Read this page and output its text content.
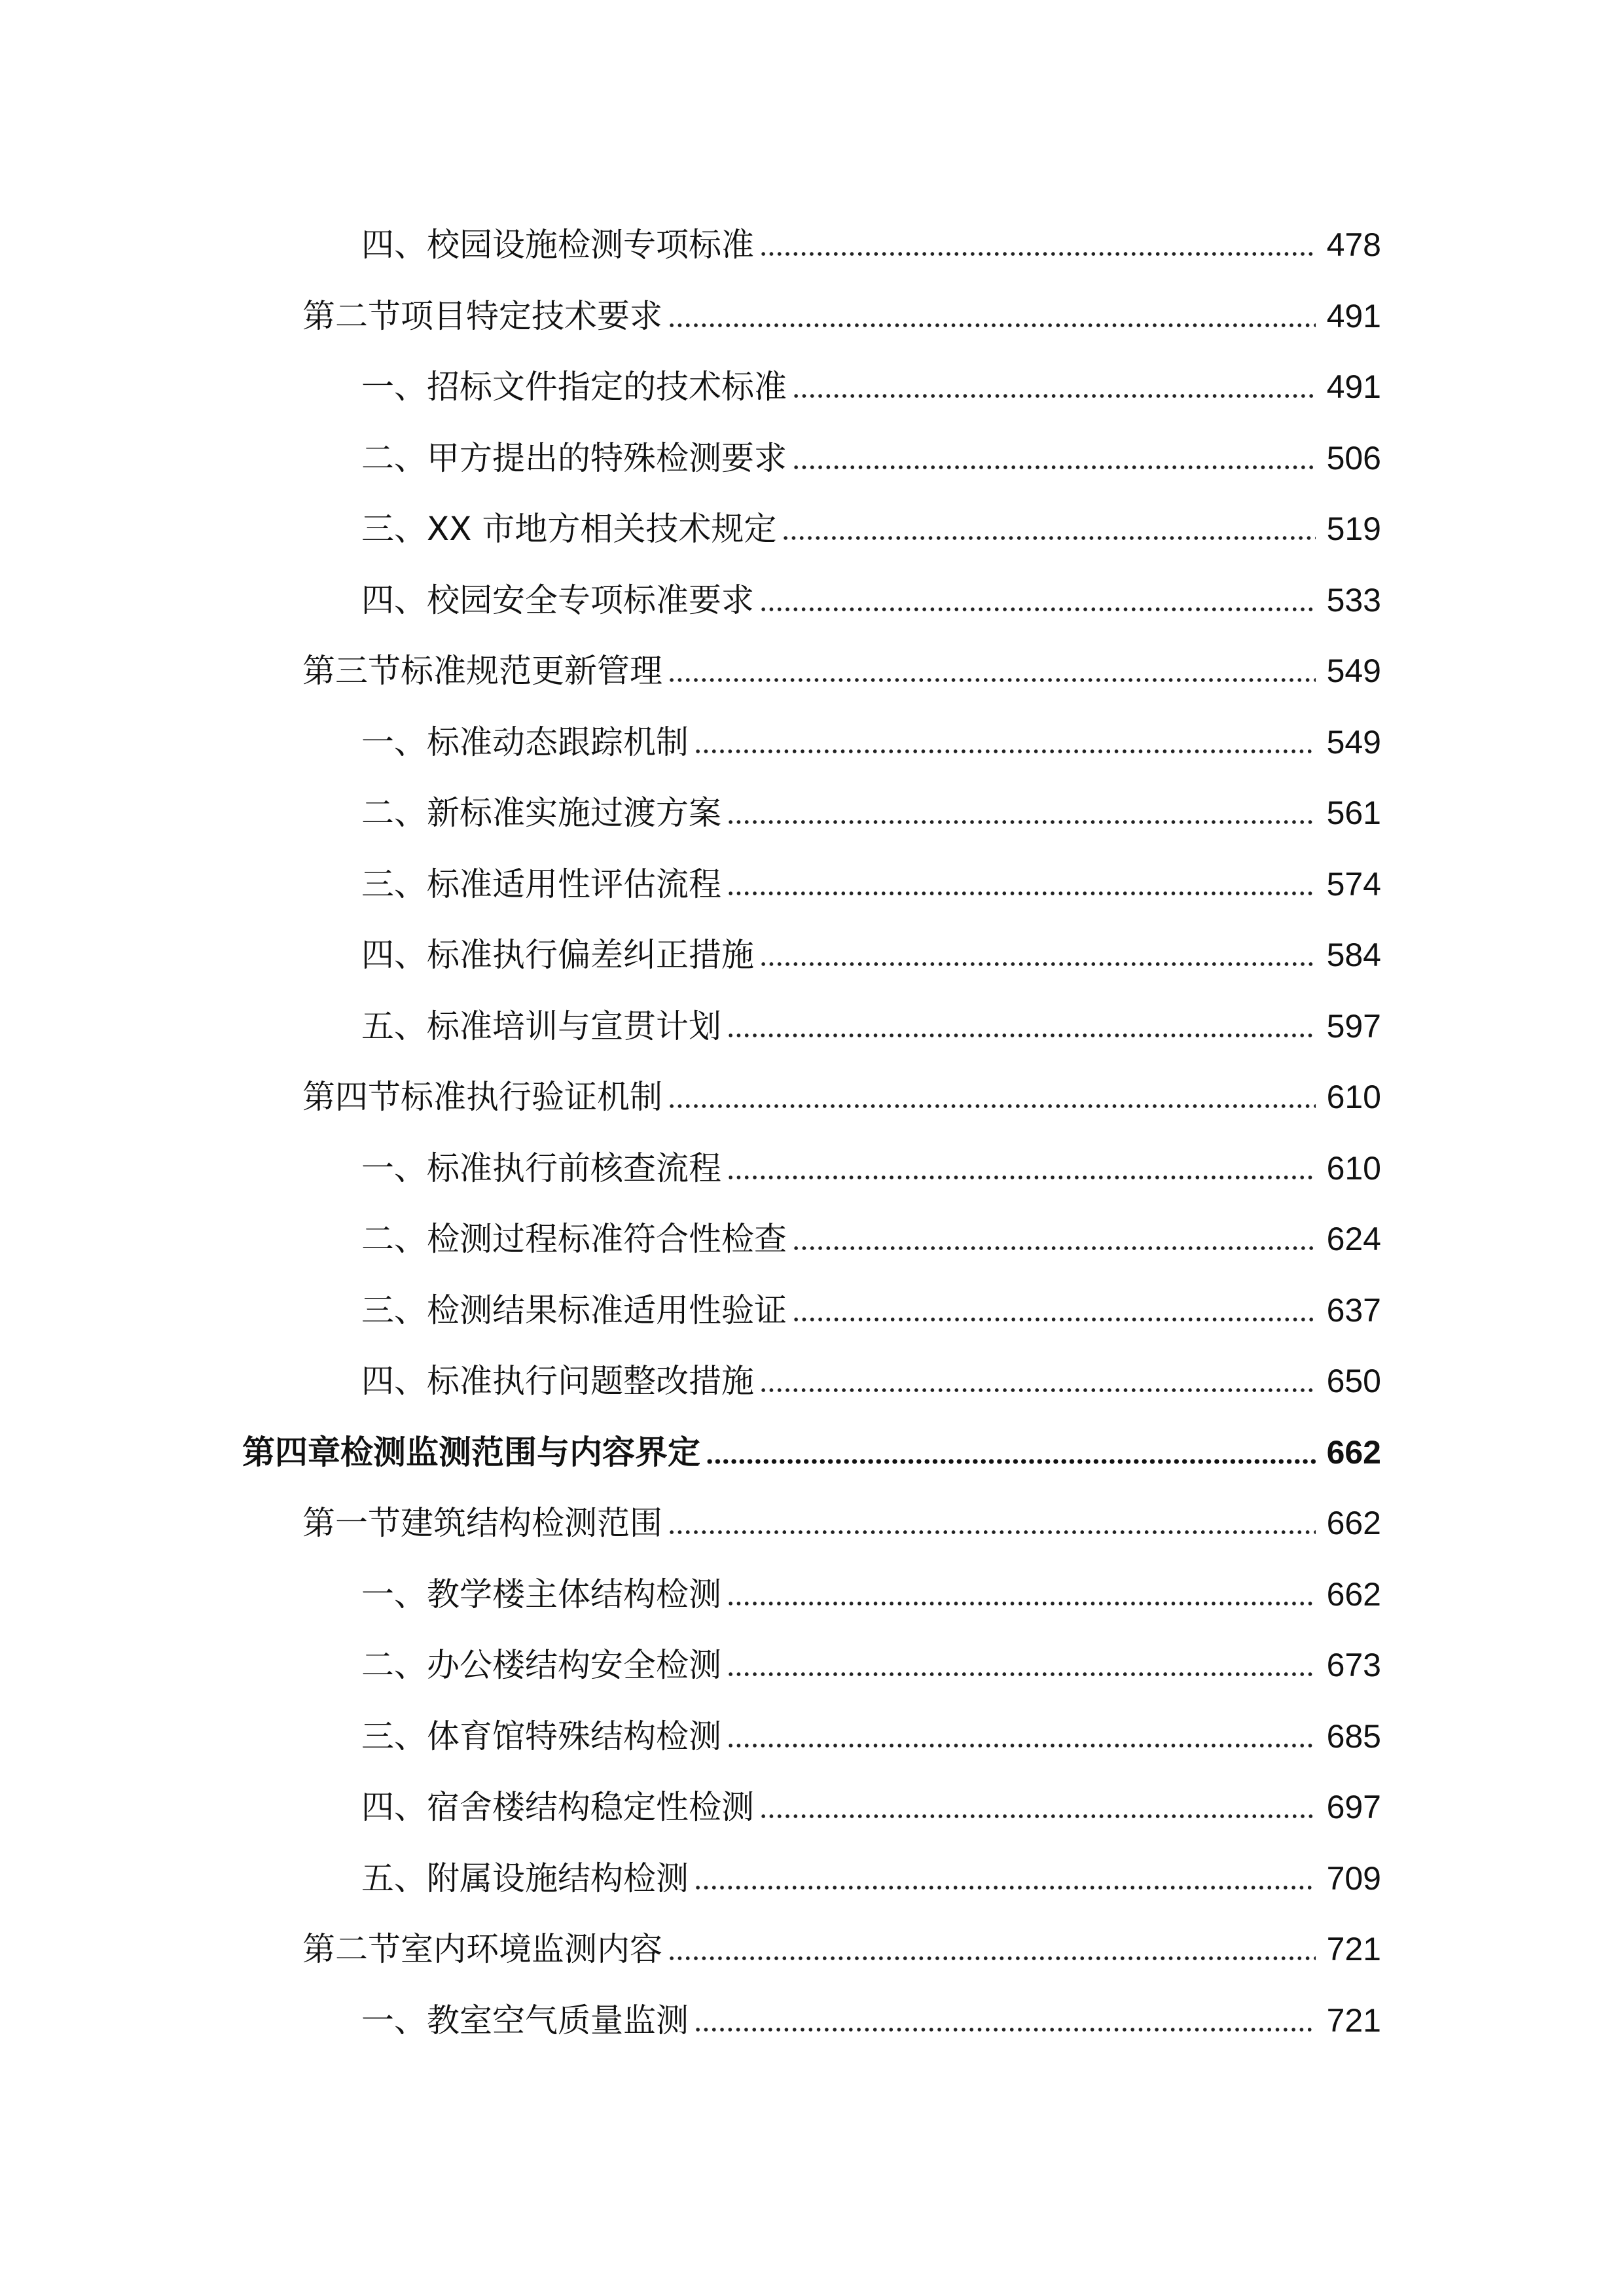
四、校园设施检测专项标准	478
第二节项目特定技术要求	491
一、招标文件指定的技术标准	491
二、甲方提出的特殊检测要求	506
三、XX 市地方相关技术规定	519
四、校园安全专项标准要求	533
第三节标准规范更新管理	549
一、标准动态跟踪机制	549
二、新标准实施过渡方案	561
三、标准适用性评估流程	574
四、标准执行偏差纠正措施	584
五、标准培训与宣贯计划	597
第四节标准执行验证机制	610
一、标准执行前核查流程	610
二、检测过程标准符合性检查	624
三、检测结果标准适用性验证	637
四、标准执行问题整改措施	650
第四章检测监测范围与内容界定	662
第一节建筑结构检测范围	662
一、教学楼主体结构检测	662
二、办公楼结构安全检测	673
三、体育馆特殊结构检测	685
四、宿舍楼结构稳定性检测	697
五、附属设施结构检测	709
第二节室内环境监测内容	721
一、教室空气质量监测	721
